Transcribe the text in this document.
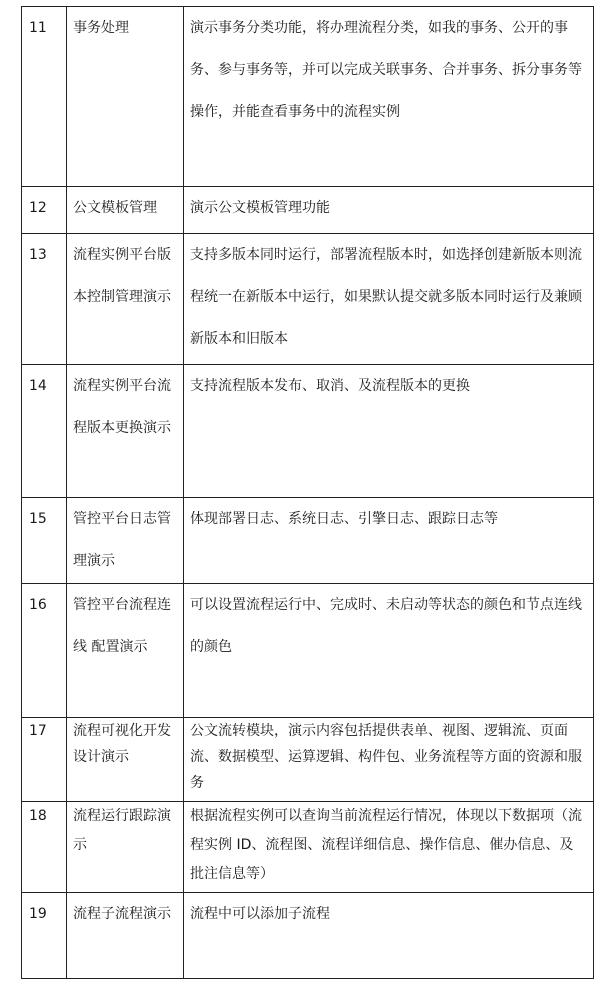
11	事务处理	演示事务分类功能，将办理流程分类，如我的事务、公开的事务、参与事务等，并可以完成关联事务、合并事务、拆分事务等操作，并能查看事务中的流程实例
12	公文模板管理	演示公文模板管理功能
13	流程实例平台版本控制管理演示	支持多版本同时运行，部署流程版本时，如选择创建新版本则流程统一在新版本中运行，如果默认提交就多版本同时运行及兼顾新版本和旧版本
14	流程实例平台流程版本更换演示	支持流程版本发布、取消、及流程版本的更换
15	管控平台日志管理演示	体现部署日志、系统日志、引擎日志、跟踪日志等
16	管控平台流程连线 配置演示	可以设置流程运行中、完成时、未启动等状态的颜色和节点连线的颜色
17	流程可视化开发设计演示	公文流转模块，演示内容包括提供表单、视图、逻辑流、页面流、数据模型、运算逻辑、构件包、业务流程等方面的资源和服务
18	流程运行跟踪演示	根据流程实例可以查询当前流程运行情况，体现以下数据项（流程实例 ID、流程图、流程详细信息、操作信息、催办信息、及批注信息等）
19	流程子流程演示	流程中可以添加子流程
